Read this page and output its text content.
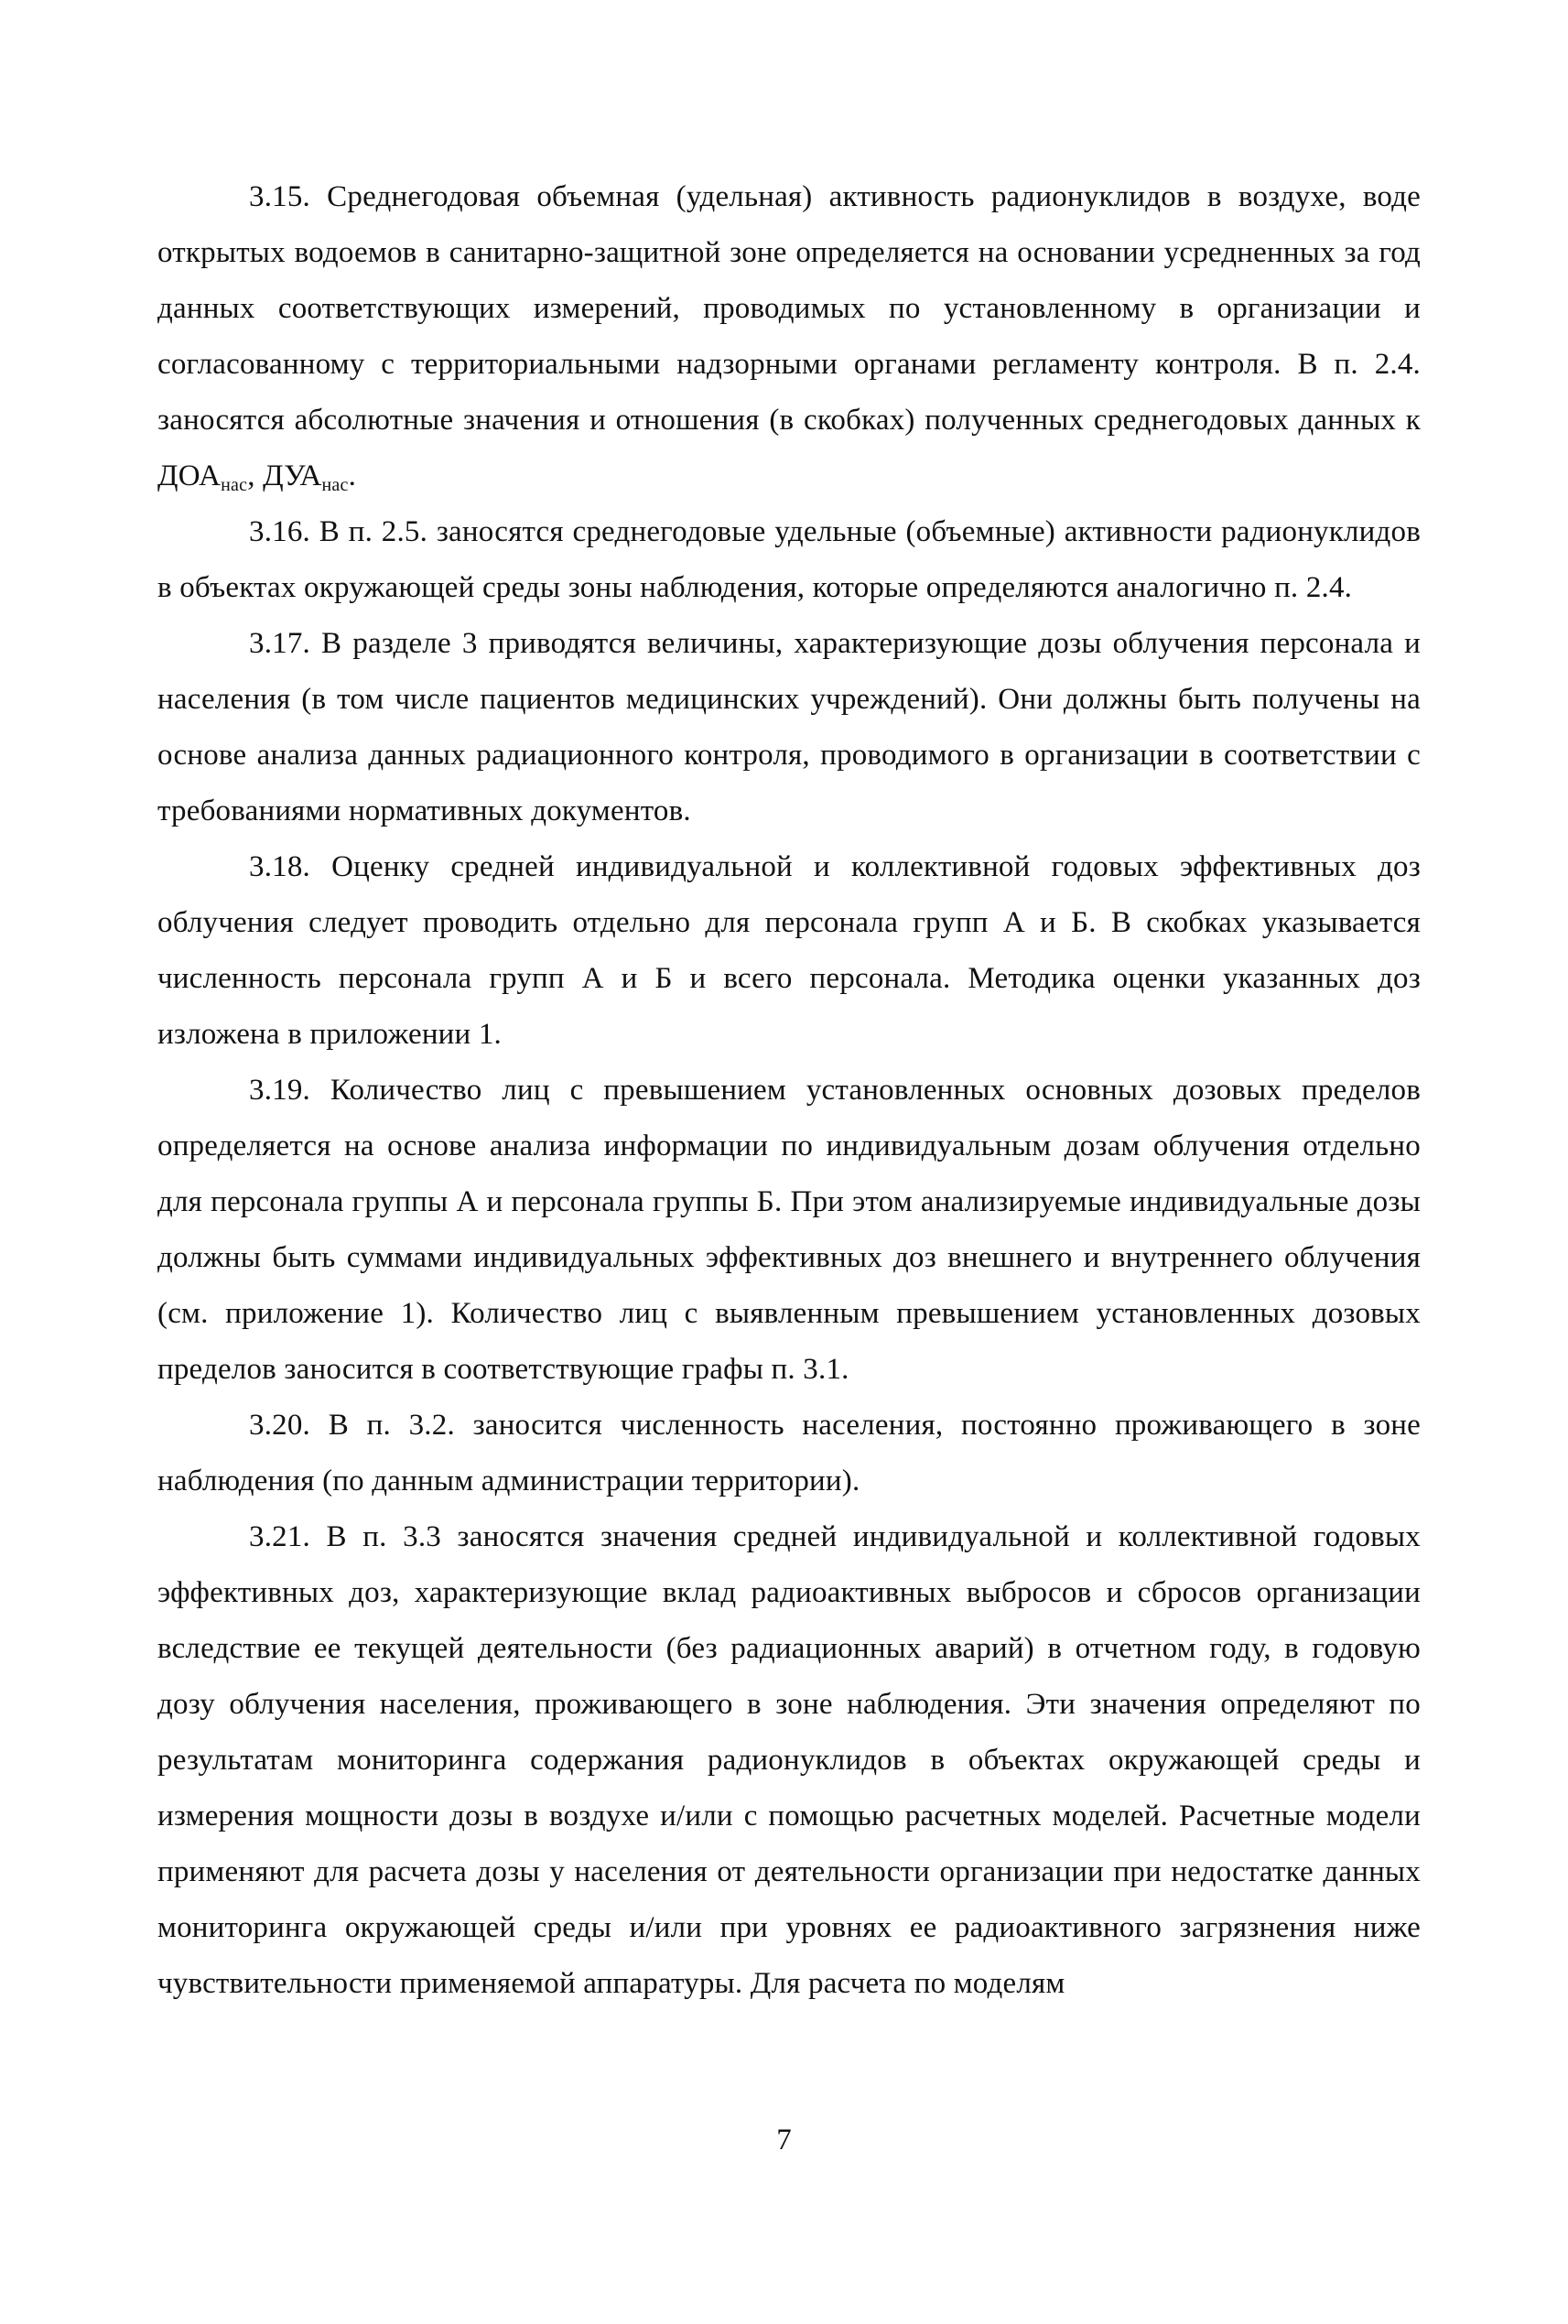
3.15. Среднегодовая объемная (удельная) активность радионуклидов в воздухе, воде открытых водоемов в санитарно-защитной зоне определяется на основании усредненных за год данных соответствующих измерений, проводимых по установленному в организации и согласованному с территориальными надзорными органами регламенту контроля. В п. 2.4. заносятся абсолютные значения и отношения (в скобках) полученных среднегодовых данных к $ДОА_{нас}$, $ДУА_{нас}$.

3.16. В п. 2.5. заносятся среднегодовые удельные (объемные) активности радионуклидов в объектах окружающей среды зоны наблюдения, которые определяются аналогично п. 2.4.

3.17. В разделе 3 приводятся величины, характеризующие дозы облучения персонала и населения (в том числе пациентов медицинских учреждений). Они должны быть получены на основе анализа данных радиационного контроля, проводимого в организации в соответствии с требованиями нормативных документов.

3.18. Оценку средней индивидуальной и коллективной годовых эффективных доз облучения следует проводить отдельно для персонала групп А и Б. В скобках указывается численность персонала групп А и Б и всего персонала. Методика оценки указанных доз изложена в приложении 1.

3.19. Количество лиц с превышением установленных основных дозовых пределов определяется на основе анализа информации по индивидуальным дозам облучения отдельно для персонала группы А и персонала группы Б. При этом анализируемые индивидуальные дозы должны быть суммами индивидуальных эффективных доз внешнего и внутреннего облучения (см. приложение 1). Количество лиц с выявленным превышением установленных дозовых пределов заносится в соответствующие графы п. 3.1.

3.20. В п. 3.2. заносится численность населения, постоянно проживающего в зоне наблюдения (по данным администрации территории).

3.21. В п. 3.3 заносятся значения средней индивидуальной и коллективной годовых эффективных доз, характеризующие вклад радиоактивных выбросов и сбросов организации вследствие ее текущей деятельности (без радиационных аварий) в отчетном году, в годовую дозу облучения населения, проживающего в зоне наблюдения. Эти значения определяют по результатам мониторинга содержания радионуклидов в объектах окружающей среды и измерения мощности дозы в воздухе и/или с помощью расчетных моделей. Расчетные модели применяют для расчета дозы у населения от деятельности организации при недостатке данных мониторинга окружающей среды и/или при уровнях ее радиоактивного загрязнения ниже чувствительности применяемой аппаратуры. Для расчета по моделям

7
